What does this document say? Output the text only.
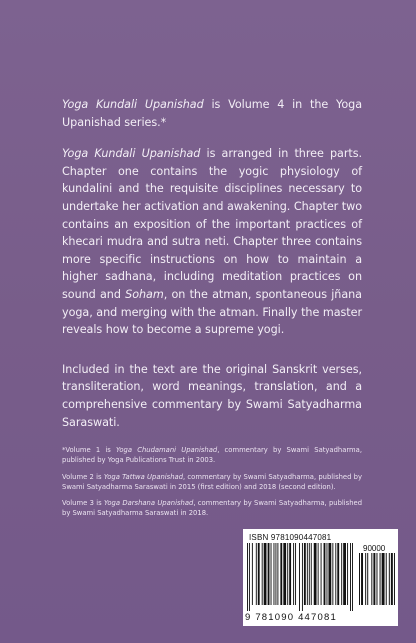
Yoga Kundali Upanishad is Volume 4 in the Yoga Upanishad series.*

Yoga Kundali Upanishad is arranged in three parts. Chapter one contains the yogic physiology of kundalini and the requisite disciplines necessary to undertake her activation and awakening. Chapter two contains an exposition of the important practices of khecari mudra and sutra neti. Chapter three contains more specific instructions on how to maintain a higher sadhana, including meditation practices on sound and Soham, on the atman, spontaneous jñana yoga, and merging with the atman. Finally the master reveals how to become a supreme yogi.

Included in the text are the original Sanskrit verses, transliteration, word meanings, translation, and a comprehensive commentary by Swami Satyadharma Saraswati.

*Volume 1 is Yoga Chudamani Upanishad, commentary by Swami Satyadharma, published by Yoga Publications Trust in 2003.

Volume 2 is Yoga Tattwa Upanishad, commentary by Swami Satyadharma, published by Swami Satyadharma Saraswati in 2015 (first edition) and 2018 (second edition).

Volume 3 is Yoga Darshana Upanishad, commentary by Swami Satyadharma, published by Swami Satyadharma Saraswati in 2018.

ISBN 9781090447081
90000
9 781090 447081
